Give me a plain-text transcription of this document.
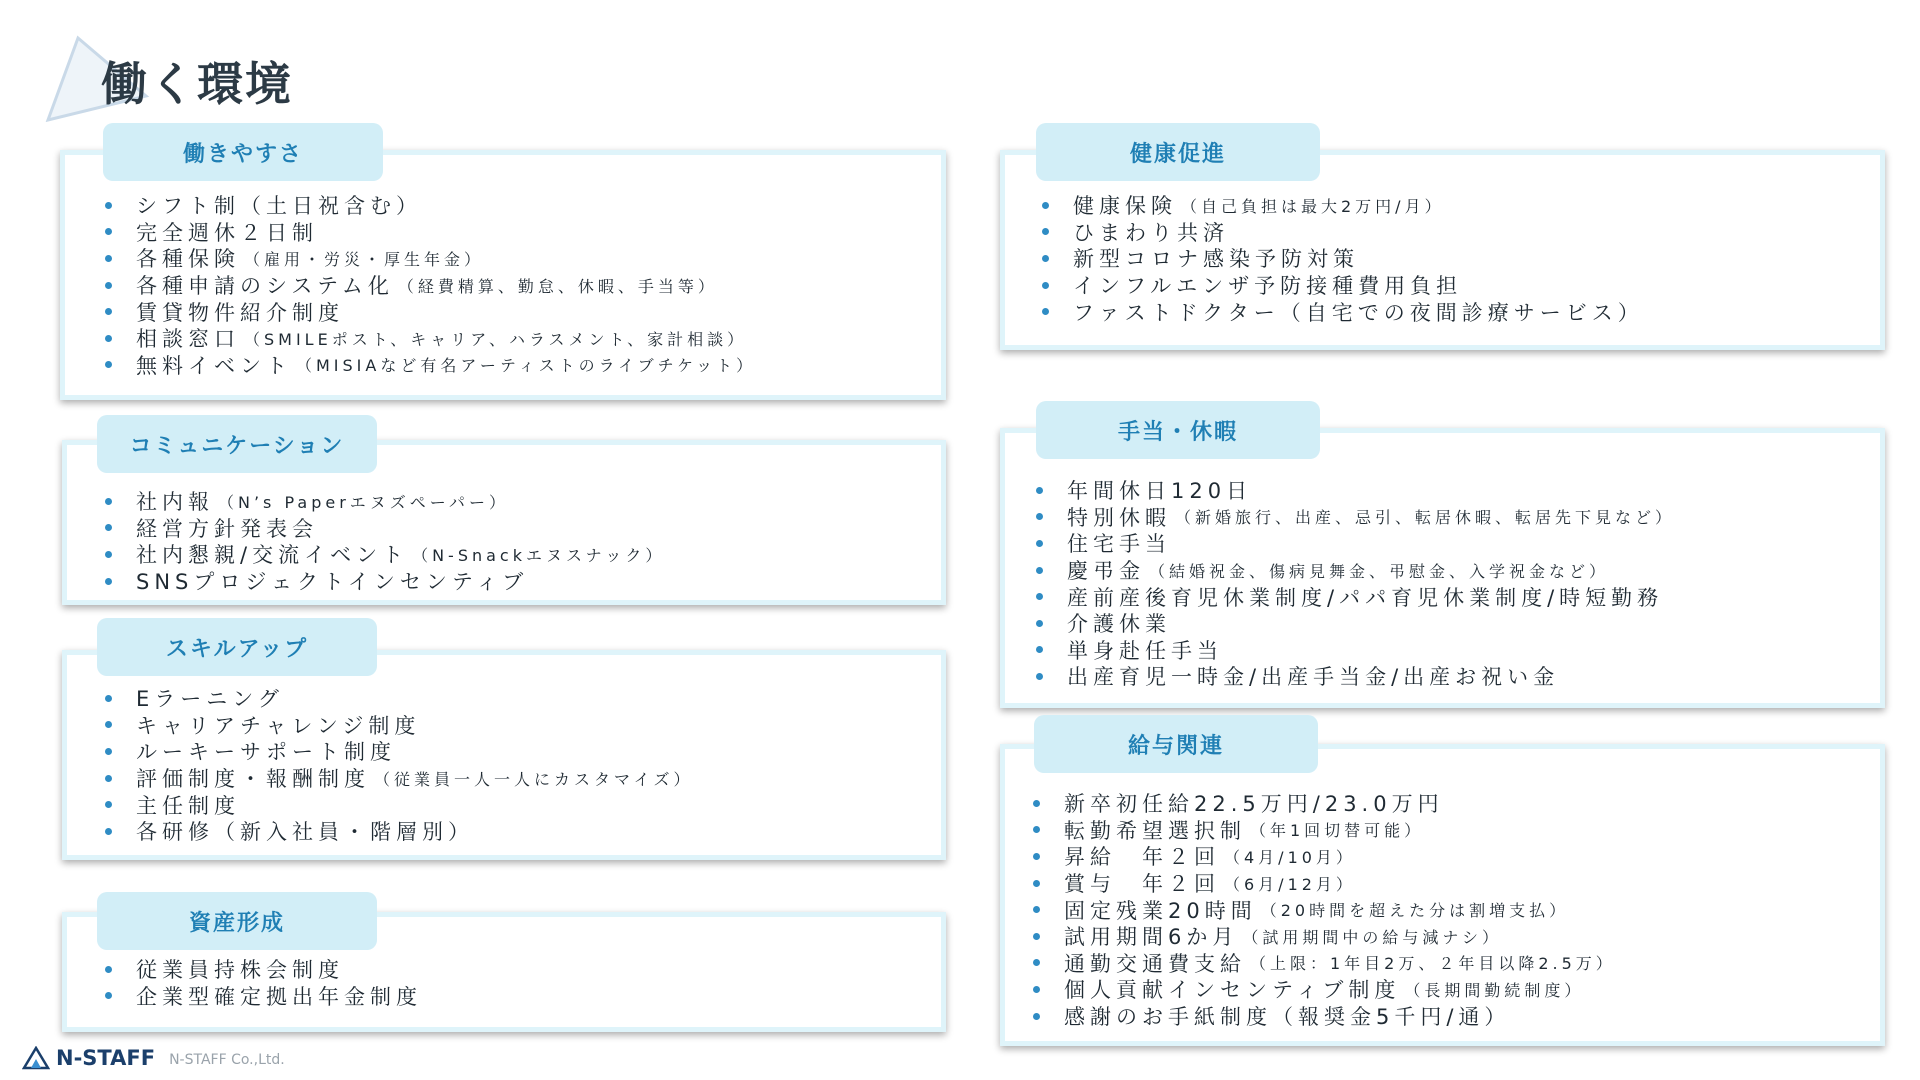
働く環境
シフト制（土日祝含む）
完全週休２日制
各種保険 （雇用・労災・厚生年金）
各種申請のシステム化 （経費精算、勤怠、休暇、手当等）
賃貸物件紹介制度
相談窓口 （SMILEポスト、キャリア、ハラスメント、家計相談）
無料イベント （MISIAなど有名アーティストのライブチケット）
働きやすさ
社内報 （N’s Paperエヌズペーパー）
経営方針発表会
社内懇親/交流イベント （N-Snackエヌスナック）
SNSプロジェクトインセンティブ
コミュニケーション
Eラーニング
キャリアチャレンジ制度
ルーキーサポート制度
評価制度・報酬制度 （従業員一人一人にカスタマイズ）
主任制度
各研修（新入社員・階層別）
スキルアップ
従業員持株会制度
企業型確定拠出年金制度
資産形成
健康保険 （自己負担は最大2万円/月）
ひまわり共済
新型コロナ感染予防対策
インフルエンザ予防接種費用負担
ファストドクター（自宅での夜間診療サービス）
健康促進
年間休日120日
特別休暇 （新婚旅行、出産、忌引、転居休暇、転居先下見など）
住宅手当
慶弔金 （結婚祝金、傷病見舞金、弔慰金、入学祝金など）
産前産後育児休業制度/パパ育児休業制度/時短勤務
介護休業
単身赴任手当
出産育児一時金/出産手当金/出産お祝い金
手当・休暇
新卒初任給22.5万円/23.0万円
転勤希望選択制 （年1回切替可能）
昇給　年２回 （4月/10月）
賞与　年２回 （6月/12月）
固定残業20時間 （20時間を超えた分は割増支払）
試用期間6か月 （試用期間中の給与減ナシ）
通勤交通費支給 （上限：1年目2万、２年目以降2.5万）
個人貢献インセンティブ制度 （長期間勤続制度）
感謝のお手紙制度（報奨金5千円/通）
給与関連
N-STAFF N-STAFF Co.,Ltd.
